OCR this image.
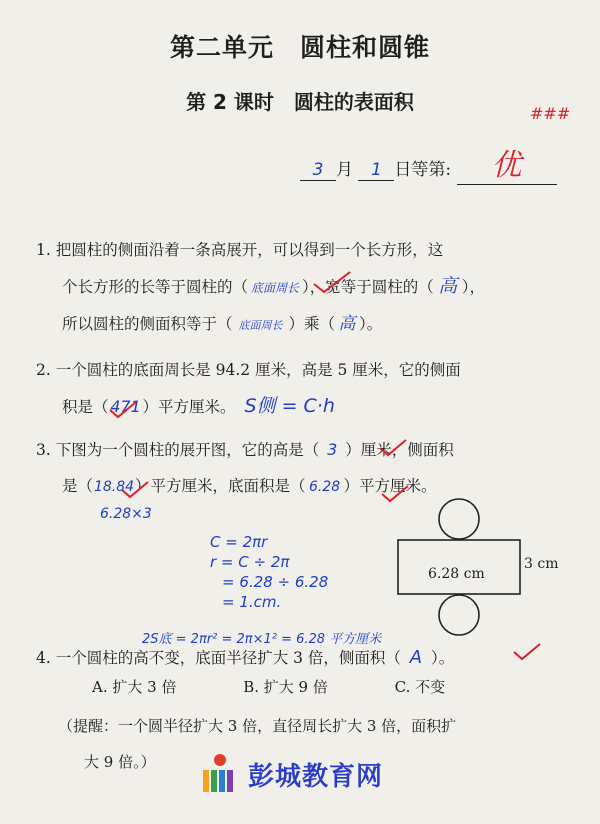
第二单元　圆柱和圆锥
第 2 课时　圆柱的表面积
3 月 1 日等第: 优
###
1. 把圆柱的侧面沿着一条高展开，可以得到一个长方形，这
个长方形的长等于圆柱的（ 底面周长 ），宽等于圆柱的（ 高 ），
所以圆柱的侧面积等于（ 底面周长 ）乘（ 高 ）。
2. 一个圆柱的底面周长是 94.2 厘米，高是 5 厘米，它的侧面
积是（ 471 ）平方厘米。 S侧 = C·h
3. 下图为一个圆柱的展开图，它的高是（ 3 ）厘米，侧面积
是（18.84）平方厘米，底面积是（ 6.28 ）平方厘米。
6.28×3
C = 2πr
r = C ÷ 2π
= 6.28 ÷ 6.28
= 1.cm.
2S底 = 2πr² = 2π×1² = 6.28 平方厘米
6.28 cm
3 cm
4. 一个圆柱的高不变，底面半径扩大 3 倍，侧面积（ A ）。
A. 扩大 3 倍	B. 扩大 9 倍	C. 不变
（提醒：一个圆半径扩大 3 倍，直径周长扩大 3 倍，面积扩
大 9 倍。）	彭城教育网
